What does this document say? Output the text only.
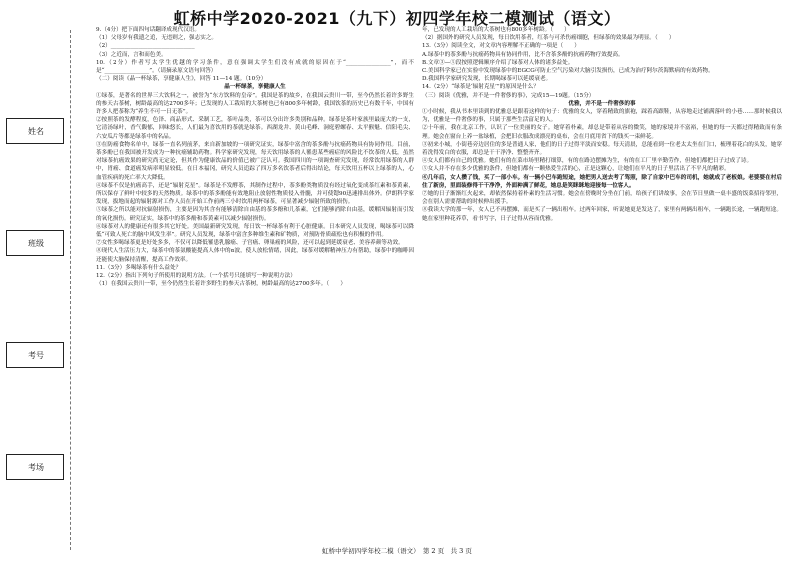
虹桥中学2020-2021（九下）初四学年校二模测试（语文）
姓名
班级
考号
考场

9.（4分）把下面四句话翻译成现代汉语。

（1）父母岁有我遗之追，无违则之，强志实之。

（2）______________________________

（3）之近而，言和而色美。

10.（2分）作者写太学生优越的学习条件，意在强调太学生们没有成就的原因在于“________________”，而不是“________________”。（请摘录原文语句回答）

（二）阅读《晶一杯绿茶，享健康人生》，回答 11—14 题。（10分）

晶一杯绿茶，享健康人生

①绿茶，是著名的世界三大饮料之一，被誉为“东方饮料的皇帝”。我国是茶的故乡，在我国云贵川一带，至今仍然长着许多野生的参天古茶树，树龄最高的达2700多年；已发现的人工栽培的大茶树也已有800多年树龄，我国饮茶的历史已有数千年，中国有许多人把茶称为“养生不可一日无茶”。

②按照茶的发酵程度，色泽、商品形式、采制工艺，茶叶品类，茶可以分出许多类别和品种。绿茶是茶叶家族里最庞大的一支，它清汤绿叶，香气馥郁，回味悠长，人们最为喜饮用的茶就是绿茶。西湖龙井、黄山毛峰、洞庭碧螺春、太平猴魁、信阳毛尖、六安瓜片等都是绿茶中的名品。

③在防癌食物名单中，绿茶一直名列前茅，来自新加坡的一项研究证实，绿茶中富含的茶多酚与抗癌药物具有协同作用。目前，茶多酚已在我国被开发成为一种抗癌辅助药物。科学家研究发现，每天饮用绿茶的人罹患某些癌症的风险比不饮茶的人低，虽然对绿茶抗癌效果的研究尚无定论，但其作为健康饮品的价值已被广泛认可。我国四川的一项调查研究发现，经常饮用绿茶的人群中，胃癌、食道癌发病率明显较低。在日本福冈，研究人员追踪了四万多名饮茶者后得出结论，每天饮用五杯以上绿茶的人，心血管疾病的死亡率大大降低。

④绿茶不仅是抗癌高手，还是“辐射克星”。绿茶是不发酵茶，其制作过程中，茶多酚类物质没有经过氧化变成茶红素和茶黄素，所以保存了鲜叶中较多的天然物质。绿茶中的茶多酚能有效地阻止放射性物质侵入骨髓，并可使锶90迅速排出体外。伊朗科学家发现，拔地而起的辐射源对工作人员在开始工作前两三小时饮用两杯绿茶，可显著减少辐射所致的损伤。

⑤绿茶之所以能对抗辐射损伤，主要是因为其含有能够清除自由基的茶多酚和儿茶素，它们能够消除自由基，缓解因辐射而引发的氧化损伤。研究证实，绿茶中的茶多酚和茶黄素可以减少辐射损伤。

⑥绿茶对人的健康还有很多其它好处。美国最新研究发现，每日饮一杯绿茶有利于心脏健康。日本研究人员发现，喝绿茶可以降低“可致人死亡的脑中风发生率”。研究人员发现，绿茶中富含多种维生素和矿物质，对预防骨质疏松也有积极的作用。

⑦女性多喝绿茶更是好处多多，不仅可以降低罹患乳腺癌、子宫癌、卵巢癌的风险，还可以起到延缓衰老、美容养颜等功效。

⑧现代人生活压力大，绿茶中的茶氨酸能提高人体中的α波，使人放松情绪，因此，绿茶对缓解精神压力有帮助，绿茶中的咖啡因还能使大脑保持清醒，提高工作效率。

11.（3分）多喝绿茶有什么益处？

12.（2分）指出下列句子所使用的说明方法。（一个括号只能填写一种说明方法）

（1）在我国云贵川一带，至今仍然生长着许多野生的参天古茶树，树龄最高的达2700多年。（　　）

年，已发现的人工栽培的大茶树也有800多年树龄。（　　）

（2）据国外的研究人员发现，每日饮用茶者，红茶与可杀伤癌细胞，但绿茶的效果最为明显。（　　）

13.（3分）阅读全文，对文章内容理解不正确的一项是（　　）

A.绿茶中的茶多酚与抗癌药物具有协同作用，比不含茶多酚的抗癌药物疗效提高。

B.文章③—⑤段按照逻辑顺序介绍了绿茶对人体的诸多益处。

C.美国科学家已在实验中发现绿茶中的EGCG可防止空气污染对大脑引发损伤，已成为治疗阿尔茨海默病的有效药物。

D.我国科学家研究发现，长期喝绿茶可以延缓衰老。

14.（2分）“绿茶是‘辐射克星’”的原因是什么？

（三）阅读《优雅，并不是一件奢侈的事》，完成15—19题。（15分）

优雅，并不是一件奢侈的事

①小时候，我从书本里读到的优雅总是跟着这样的句子：优雅的女人，穿着精致的旗袍，踩着高跟鞋，从容地走过铺满落叶的小巷……那时候我以为，优雅是一件奢侈的事，只属于那些生活富足的人。

②十年前，我在北京工作，认识了一位美丽的女子。她穿着朴素，却总是带着从容的微笑，她的家境并不富裕，但她的每一天都过得精致而有条理。她会在窗台上养一盆绿植，会把旧衣服改成漂亮的桌布，会在月底用省下的钱买一束鲜花。

③初来小城，小街巷旁边居住的多是普通人家，他们的日子过得平淡而安稳。每天清晨，总能看到一位老太太坐在门口，梳理着花白的头发，她穿着洗得发白的衣服，却总是干干净净、整整齐齐。

④女人们都有自己的优雅。她们有的在菜市场里精打细算，有的在路边摆摊为生，有的在工厂里辛勤劳作，但她们都把日子过成了诗。

⑤女人并不存在多少优雅的条件，但她们都有一颗热爱生活的心，正是这颗心，让她们在平凡的日子里活出了不平凡的精彩。

⑥几年后，女人攒了钱，买了一部小车。有一辆小巴车跑短途，她把男人送去考了驾照，除了自家中巴车的司机，她就成了老板娘。老婆婆在村后住了新房，里面装修得干干净净，外面种满了鲜花，她总是笑眯眯地迎接每一位客人。

⑦她的日子渐渐红火起来，却依然保持着朴素的生活习惯。她会在傍晚时分坐在门前，给孩子们讲故事，会在节日里做一桌丰盛的饭菜招待邻里，会在别人需要帮助的时候伸出援手。

⑧我读大学的那一年，女人已不再摆摊，而是买了一辆出租车。过两年回家，听说她更是发达了，家里有两辆出租车，一辆跑长途，一辆跑短途。她在家里种花养草，看书写字，日子过得从容而优雅。

虹桥中学初四学年校二模（语文）　第 2 页　共 3 页
